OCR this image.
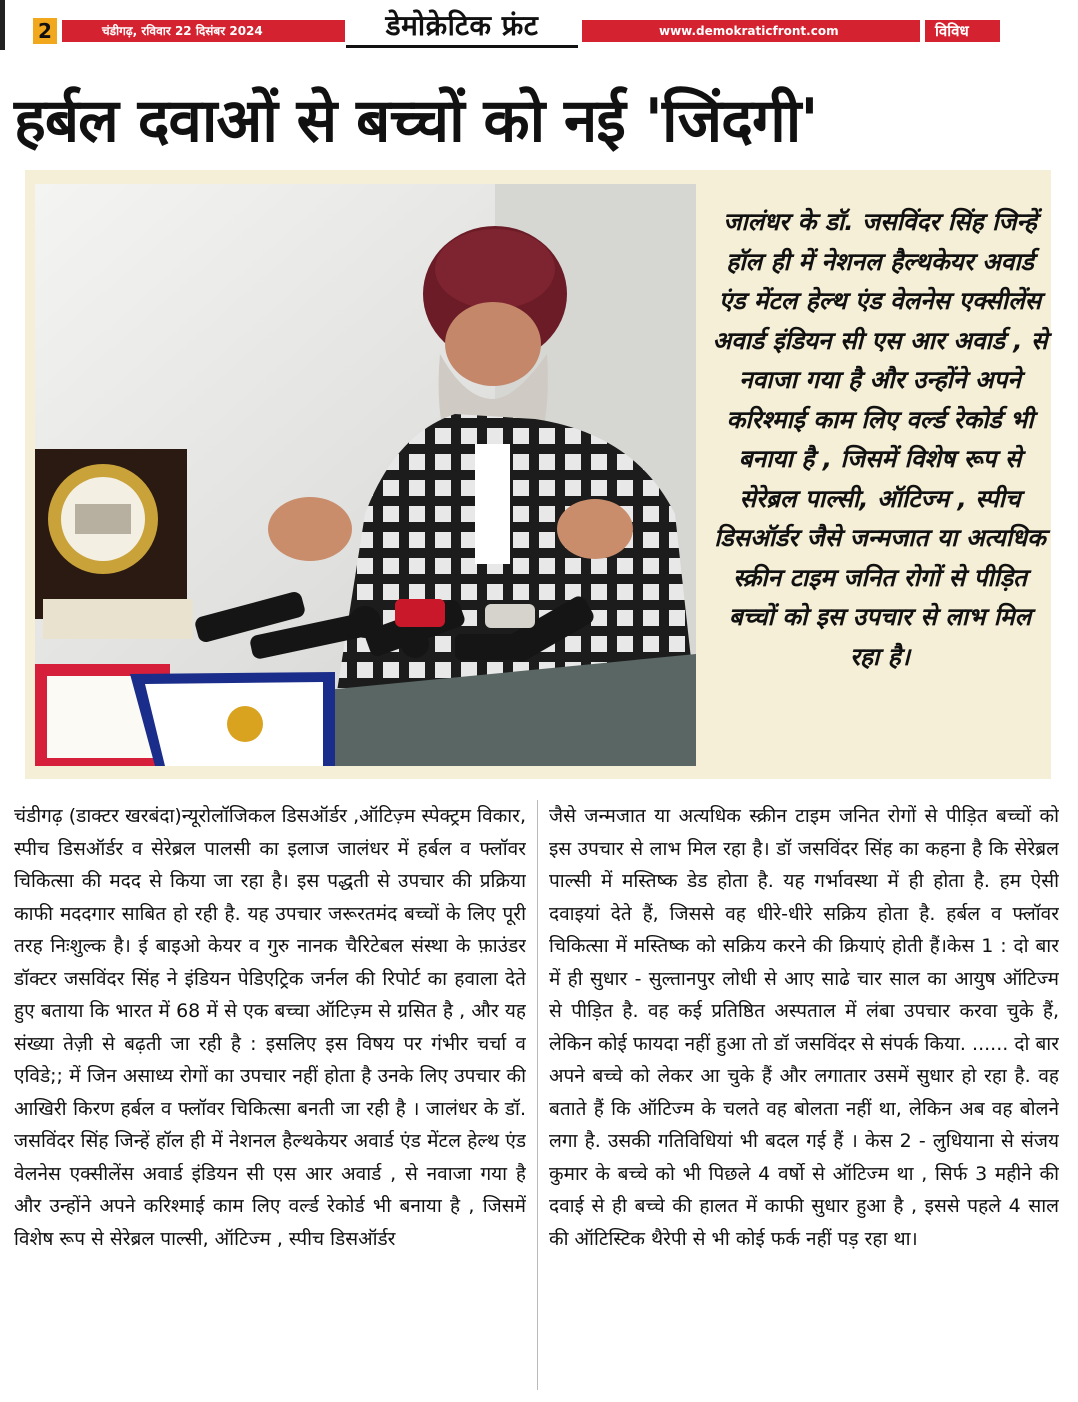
2	चंडीगढ़, रविवार 22 दिसंबर 2024	डेमोक्रेटिक फ्रंट	www.demokraticfront.com	विविध
हर्बल दवाओं से बच्चों को नई 'जिंदगी'
जालंधर के डॉ. जसविंदर सिंह जिन्हें हॉल ही में नेशनल हैल्थकेयर अवार्ड एंड मेंटल हेल्थ एंड वेलनेस एक्सीलेंस अवार्ड इंडियन सी एस आर अवार्ड , से नवाजा गया है और उन्होंने अपने करिश्माई काम लिए वर्ल्ड रेकोर्ड भी बनाया है , जिसमें विशेष रूप से सेरेब्रल पाल्सी, ऑटिज्म , स्पीच डिसऑर्डर जैसे जन्मजात या अत्यधिक स्क्रीन टाइम जनित रोगों से पीड़ित बच्चों को इस उपचार से लाभ मिल रहा है।
चंडीगढ़ (डाक्टर खरबंदा)न्यूरोलॉजिकल डिसऑर्डर ,ऑटिज़्म स्पेक्ट्रम विकार, स्पीच डिसऑर्डर व सेरेब्रल पालसी का इलाज जालंधर में हर्बल व फ्लॉवर चिकित्सा की मदद से किया जा रहा है। इस पद्धती से उपचार की प्रक्रिया काफी मददगार साबित हो रही है. यह उपचार जरूरतमंद बच्चों के लिए पूरी तरह निःशुल्क है। ई बाइओ केयर व गुरु नानक चैरिटेबल संस्था के फ़ाउंडर डॉक्टर जसविंदर सिंह ने इंडियन पेडिएट्रिक जर्नल की रिपोर्ट का हवाला देते हुए बताया कि भारत में 68 में से एक बच्चा ऑटिज़्म से ग्रसित है , और यह संख्या तेज़ी से बढ़ती जा रही है : इसलिए इस विषय पर गंभीर चर्चा व एविडे;; में जिन असाध्य रोगों का उपचार नहीं होता है उनके लिए उपचार की आखिरी किरण हर्बल व फ्लॉवर चिकित्सा बनती जा रही है । जालंधर के डॉ. जसविंदर सिंह जिन्हें हॉल ही में नेशनल हैल्थकेयर अवार्ड एंड मेंटल हेल्थ एंड वेलनेस एक्सीलेंस अवार्ड इंडियन सी एस आर अवार्ड , से नवाजा गया है और उन्होंने अपने करिश्माई काम लिए वर्ल्ड रेकोर्ड भी बनाया है , जिसमें विशेष रूप से सेरेब्रल पाल्सी, ऑटिज्म , स्पीच डिसऑर्डर
जैसे जन्मजात या अत्यधिक स्क्रीन टाइम जनित रोगों से पीड़ित बच्चों को इस उपचार से लाभ मिल रहा है। डॉ जसविंदर सिंह का कहना है कि सेरेब्रल पाल्सी में मस्तिष्क डेड होता है. यह गर्भावस्था में ही होता है. हम ऐसी दवाइयां देते हैं, जिससे वह धीरे-धीरे सक्रिय होता है. हर्बल व फ्लॉवर चिकित्सा में मस्तिष्क को सक्रिय करने की क्रियाएं होती हैं।केस 1 : दो बार में ही सुधार - सुल्तानपुर लोधी से आए साढे चार साल का आयुष ऑटिज्म से पीड़ित है. वह कई प्रतिष्ठित अस्पताल में लंबा उपचार करवा चुके हैं, लेकिन कोई फायदा नहीं हुआ तो डॉ जसविंदर से संपर्क किया. ...... दो बार अपने बच्चे को लेकर आ चुके हैं और लगातार उसमें सुधार हो रहा है. वह बताते हैं कि ऑटिज्म के चलते वह बोलता नहीं था, लेकिन अब वह बोलने लगा है. उसकी गतिविधियां भी बदल गई हैं । केस 2 - लुधियाना से संजय कुमार के बच्चे को भी पिछले 4 वर्षो से ऑटिज्म था , सिर्फ 3 महीने की दवाई से ही बच्चे की हालत में काफी सुधार हुआ है , इससे पहले 4 साल की ऑटिस्टिक थैरेपी से भी कोई फर्क नहीं पड़ रहा था।
